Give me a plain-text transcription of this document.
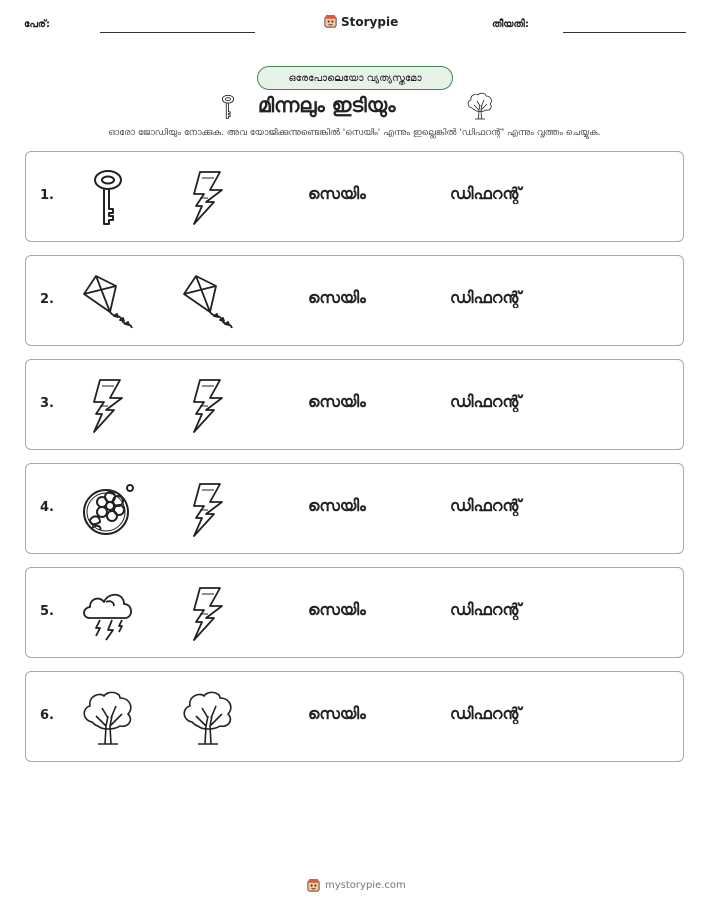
പേര്:	Storypie	തീയതി:
ഒരേപോലെയോ വ്യത്യസ്തമോ
മിന്നലും ഇടിയും
ഓരോ ജോഡിയും നോക്കുക. അവ യോജിക്കുന്നുണ്ടെങ്കിൽ 'സെയിം' എന്നും ഇല്ലെങ്കിൽ 'ഡിഫറന്റ്' എന്നും വൃത്തം ചെയ്യുക.
1.	സെയിം	ഡിഫറന്റ്
2.	സെയിം	ഡിഫറന്റ്
3.	സെയിം	ഡിഫറന്റ്
4.	സെയിം	ഡിഫറന്റ്
5.	സെയിം	ഡിഫറന്റ്
6.	സെയിം	ഡിഫറന്റ്
mystorypie.com
